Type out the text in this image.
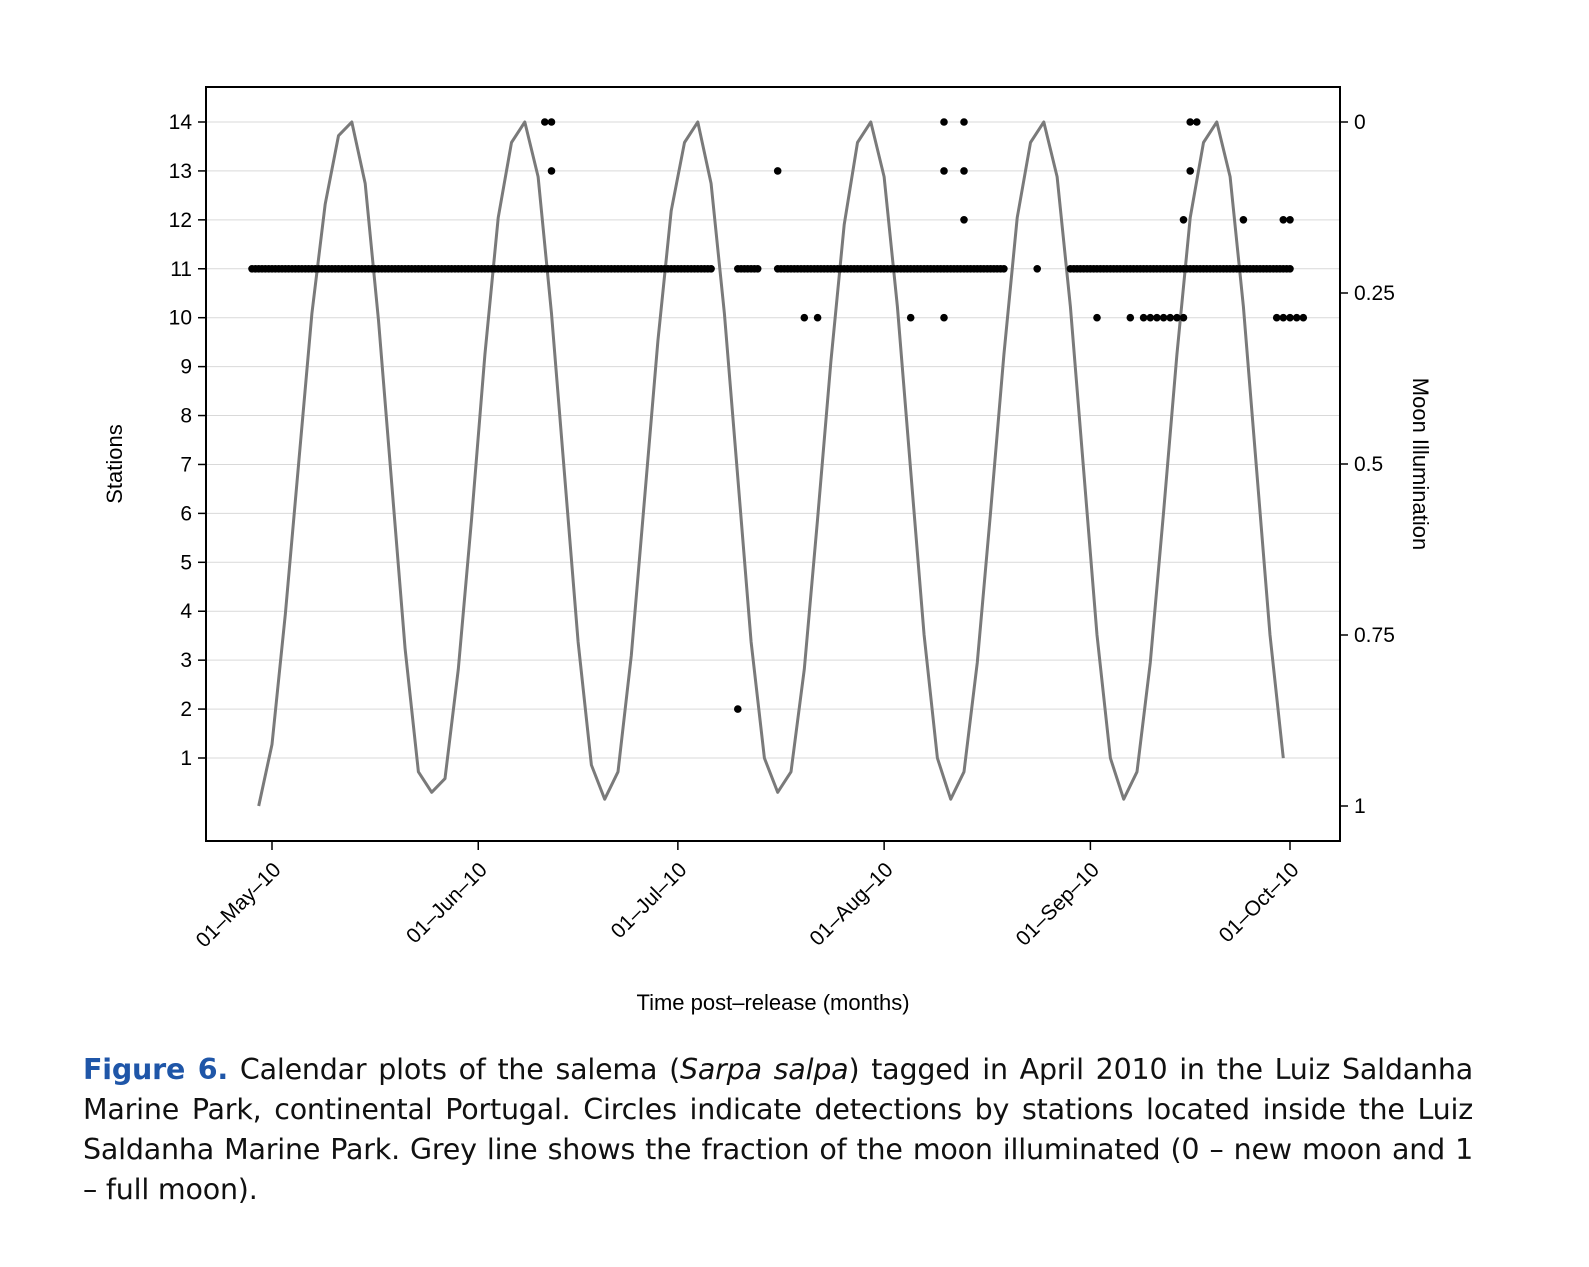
1
2
3
4
5
6
7
8
9
10
11
12
13
14	0
0.25
0.5
0.75
1
01–May–10	01–Jun–10	01–Jul–10	01–Aug–10	01–Sep–10	01–Oct–10
Stations	Moon Illumination
Time post–release (months)
Figure 6. Calendar plots of the salema (Sarpa salpa) tagged in April 2010 in the Luiz Saldanha Marine Park, continental Portugal. Circles indicate detections by stations located inside the Luiz Saldanha Marine Park. Grey line shows the fraction of the moon illuminated (0 – new moon and 1 – full moon).
